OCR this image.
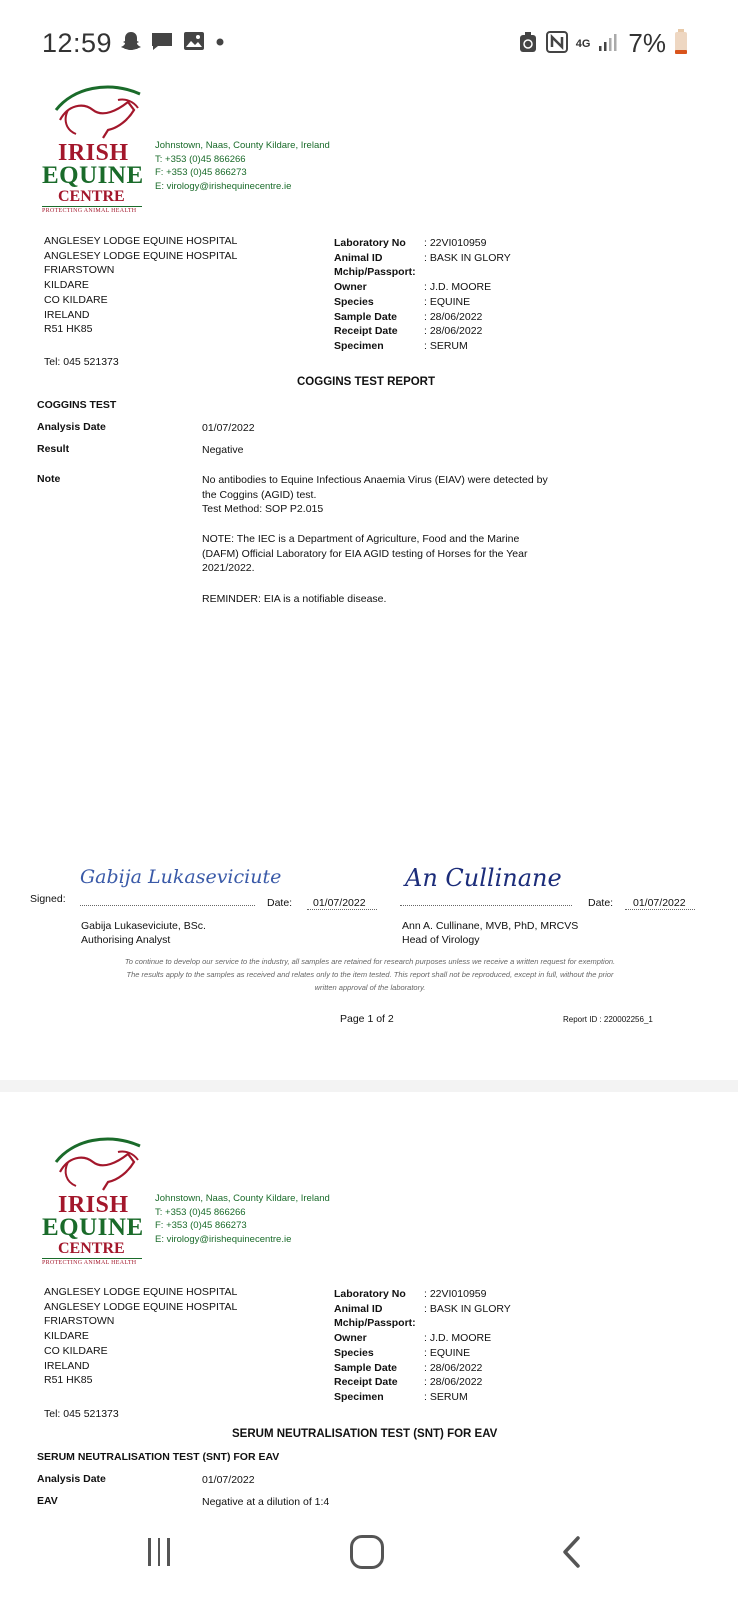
12:59	4G 7%
IRISH
EQUINE
CENTRE
PROTECTING ANIMAL HEALTH
Johnstown, Naas, County Kildare, Ireland
T: +353 (0)45 866266
F: +353 (0)45 866273
E: virology@irishequinecentre.ie
ANGLESEY LODGE EQUINE HOSPITAL
ANGLESEY LODGE EQUINE HOSPITAL
FRIARSTOWN
KILDARE
CO KILDARE
IRELAND
R51 HK85
Laboratory No	: 22VI010959
Animal ID	: BASK IN GLORY
Mchip/Passport:
Owner	: J.D. MOORE
Species	: EQUINE
Sample Date	: 28/06/2022
Receipt Date	: 28/06/2022
Specimen	: SERUM
Tel: 045 521373
COGGINS TEST REPORT
COGGINS TEST
Analysis Date	01/07/2022
Result	Negative
Note	No antibodies to Equine Infectious Anaemia Virus (EIAV) were detected by
the Coggins (AGID) test.
Test Method: SOP P2.015
NOTE: The IEC is a Department of Agriculture, Food and the Marine
(DAFM) Official Laboratory for EIA AGID testing of Horses for the Year
2021/2022.
REMINDER: EIA is a notifiable disease.
Signed:
Gabija Lukaseviciute
Gabija Lukaseviciute, BSc.
Authorising Analyst
Date: 01/07/2022
An Cullinane
Ann A. Cullinane, MVB, PhD, MRCVS
Head of Virology
Date: 01/07/2022
To continue to develop our service to the industry, all samples are retained for research purposes unless we receive a written request for exemption.
The results apply to the samples as received and relates only to the item tested. This report shall not be reproduced, except in full, without the prior
written approval of the laboratory.
Page 1 of 2	Report ID : 220002256_1
IRISH
EQUINE
CENTRE
PROTECTING ANIMAL HEALTH
Johnstown, Naas, County Kildare, Ireland
T: +353 (0)45 866266
F: +353 (0)45 866273
E: virology@irishequinecentre.ie
ANGLESEY LODGE EQUINE HOSPITAL
ANGLESEY LODGE EQUINE HOSPITAL
FRIARSTOWN
KILDARE
CO KILDARE
IRELAND
R51 HK85
Laboratory No	: 22VI010959
Animal ID	: BASK IN GLORY
Mchip/Passport:
Owner	: J.D. MOORE
Species	: EQUINE
Sample Date	: 28/06/2022
Receipt Date	: 28/06/2022
Specimen	: SERUM
Tel: 045 521373
SERUM NEUTRALISATION TEST (SNT) FOR EAV
SERUM NEUTRALISATION TEST (SNT) FOR EAV
Analysis Date	01/07/2022
EAV	Negative at a dilution of 1:4
